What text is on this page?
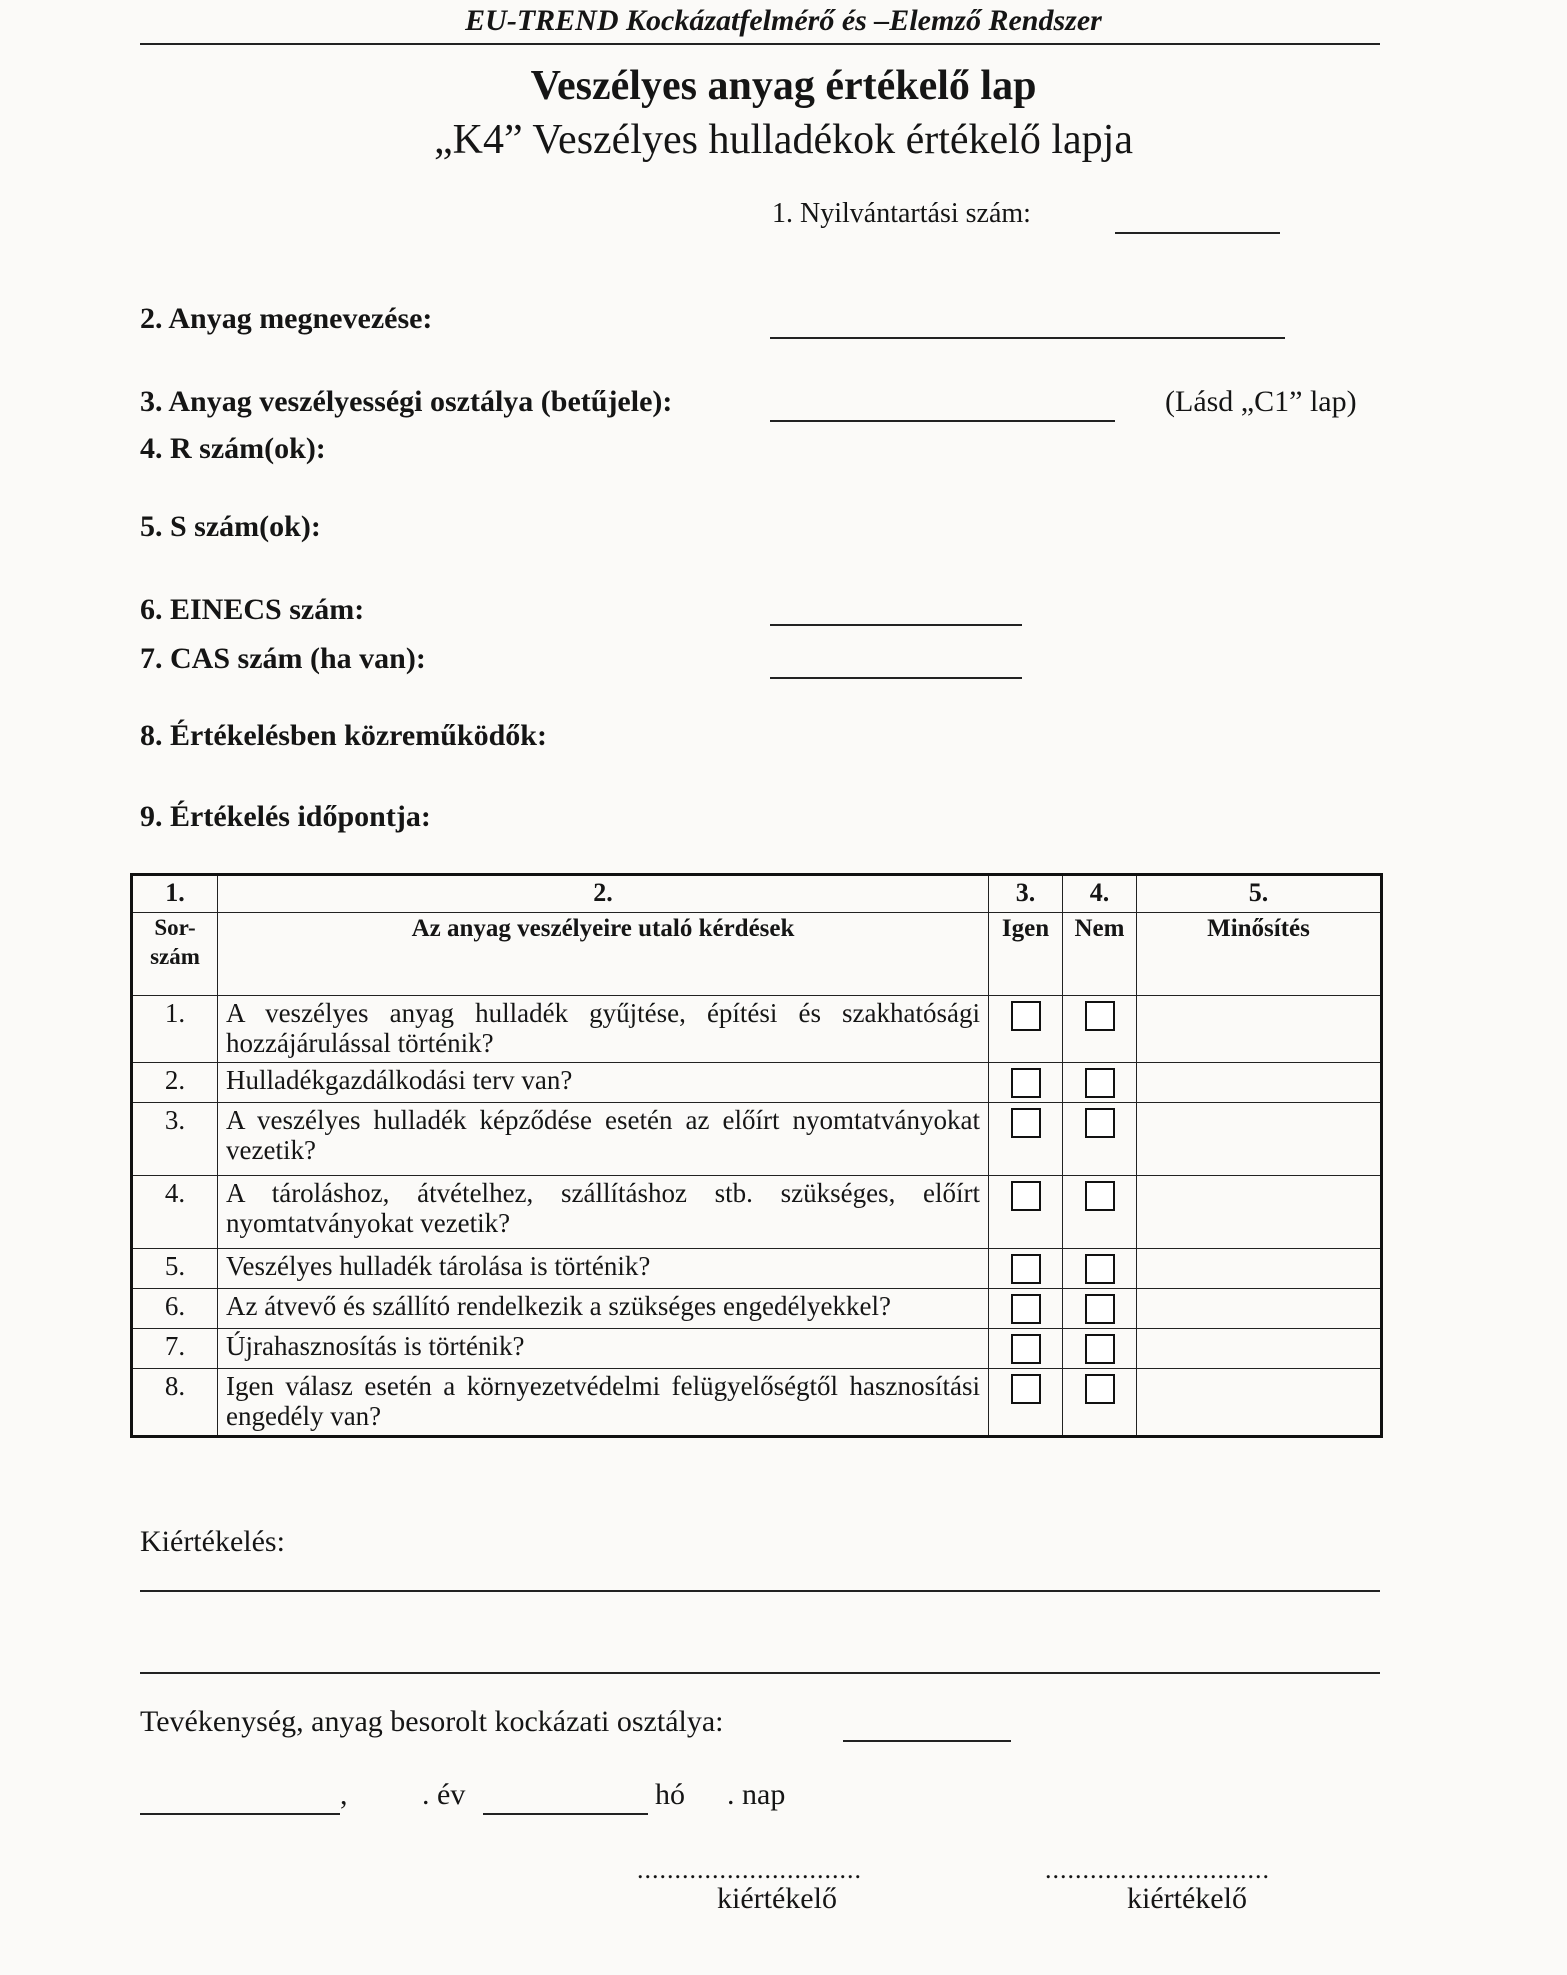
EU-TREND Kockázatfelmérő és –Elemző Rendszer
Veszélyes anyag értékelő lap
„K4” Veszélyes hulladékok értékelő lapja
1. Nyilvántartási szám:
2. Anyag megnevezése:
3. Anyag veszélyességi osztálya (betűjele):	(Lásd „C1” lap)
4. R szám(ok):
5. S szám(ok):
6. EINECS szám:
7. CAS szám (ha van):
8. Értékelésben közreműködők:
9. Értékelés időpontja:
1.	2.	3.	4.	5.
Sor-
szám	Az anyag veszélyeire utaló kérdések	Igen	Nem	Minősítés
1.	A veszélyes anyag hulladék gyűjtése, építési és szakhatósági hozzájárulással történik?			
2.	Hulladékgazdálkodási terv van?			
3.	A veszélyes hulladék képződése esetén az előírt nyomtatványokat vezetik?			
4.	A tároláshoz, átvételhez, szállításhoz stb. szükséges, előírt nyomtatványokat vezetik?			
5.	Veszélyes hulladék tárolása is történik?			
6.	Az átvevő és szállító rendelkezik a szükséges engedélyekkel?			
7.	Újrahasznosítás is történik?			
8.	Igen válasz esetén a környezetvédelmi felügyelőségtől hasznosítási engedély van?			
Kiértékelés:
Tevékenység, anyag besorolt kockázati osztálya:
, . év	hó . nap
..............................	..............................
kiértékelő	kiértékelő
